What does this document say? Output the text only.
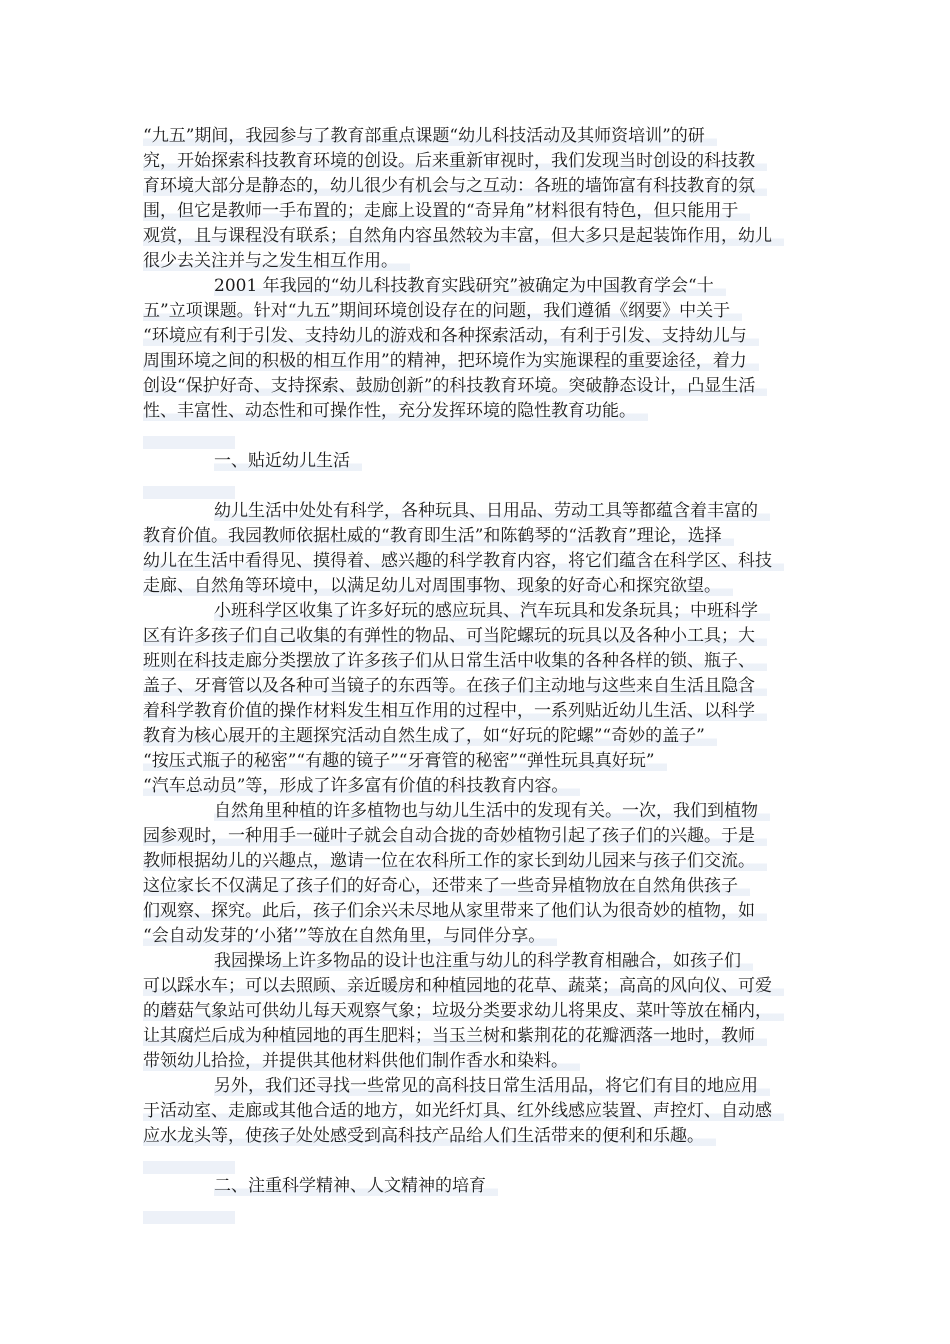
“九五”期间，我园参与了教育部重点课题“幼儿科技活动及其师资培训”的研
究，开始探索科技教育环境的创设。后来重新审视时，我们发现当时创设的科技教
育环境大部分是静态的，幼儿很少有机会与之互动：各班的墙饰富有科技教育的氛
围，但它是教师一手布置的；走廊上设置的“奇异角”材料很有特色，但只能用于
观赏，且与课程没有联系；自然角内容虽然较为丰富，但大多只是起装饰作用，幼儿
很少去关注并与之发生相互作用。
2001 年我园的“幼儿科技教育实践研究”被确定为中国教育学会“十
五”立项课题。针对“九五”期间环境创设存在的问题，我们遵循《纲要》中关于
“环境应有利于引发、支持幼儿的游戏和各种探索活动，有利于引发、支持幼儿与
周围环境之间的积极的相互作用”的精神，把环境作为实施课程的重要途径，着力
创设“保护好奇、支持探索、鼓励创新”的科技教育环境。突破静态设计，凸显生活
性、丰富性、动态性和可操作性，充分发挥环境的隐性教育功能。
一、贴近幼儿生活
幼儿生活中处处有科学，各种玩具、日用品、劳动工具等都蕴含着丰富的
教育价值。我园教师依据杜威的“教育即生活”和陈鹤琴的“活教育”理论，选择
幼儿在生活中看得见、摸得着、感兴趣的科学教育内容，将它们蕴含在科学区、科技
走廊、自然角等环境中，以满足幼儿对周围事物、现象的好奇心和探究欲望。
小班科学区收集了许多好玩的感应玩具、汽车玩具和发条玩具；中班科学
区有许多孩子们自己收集的有弹性的物品、可当陀螺玩的玩具以及各种小工具；大
班则在科技走廊分类摆放了许多孩子们从日常生活中收集的各种各样的锁、瓶子、
盖子、牙膏管以及各种可当镜子的东西等。在孩子们主动地与这些来自生活且隐含
着科学教育价值的操作材料发生相互作用的过程中，一系列贴近幼儿生活、以科学
教育为核心展开的主题探究活动自然生成了，如“好玩的陀螺”“奇妙的盖子”
“按压式瓶子的秘密”“有趣的镜子”“牙膏管的秘密”“弹性玩具真好玩”
“汽车总动员”等，形成了许多富有价值的科技教育内容。
自然角里种植的许多植物也与幼儿生活中的发现有关。一次，我们到植物
园参观时，一种用手一碰叶子就会自动合拢的奇妙植物引起了孩子们的兴趣。于是
教师根据幼儿的兴趣点，邀请一位在农科所工作的家长到幼儿园来与孩子们交流。
这位家长不仅满足了孩子们的好奇心，还带来了一些奇异植物放在自然角供孩子
们观察、探究。此后，孩子们余兴未尽地从家里带来了他们认为很奇妙的植物，如
“会自动发芽的‘小猪’”等放在自然角里，与同伴分享。
我园操场上许多物品的设计也注重与幼儿的科学教育相融合，如孩子们
可以踩水车；可以去照顾、亲近暖房和种植园地的花草、蔬菜；高高的风向仪、可爱
的蘑菇气象站可供幼儿每天观察气象；垃圾分类要求幼儿将果皮、菜叶等放在桶内，
让其腐烂后成为种植园地的再生肥料；当玉兰树和紫荆花的花瓣洒落一地时，教师
带领幼儿拾捡，并提供其他材料供他们制作香水和染料。
另外，我们还寻找一些常见的高科技日常生活用品，将它们有目的地应用
于活动室、走廊或其他合适的地方，如光纤灯具、红外线感应装置、声控灯、自动感
应水龙头等，使孩子处处感受到高科技产品给人们生活带来的便利和乐趣。
二、注重科学精神、人文精神的培育
